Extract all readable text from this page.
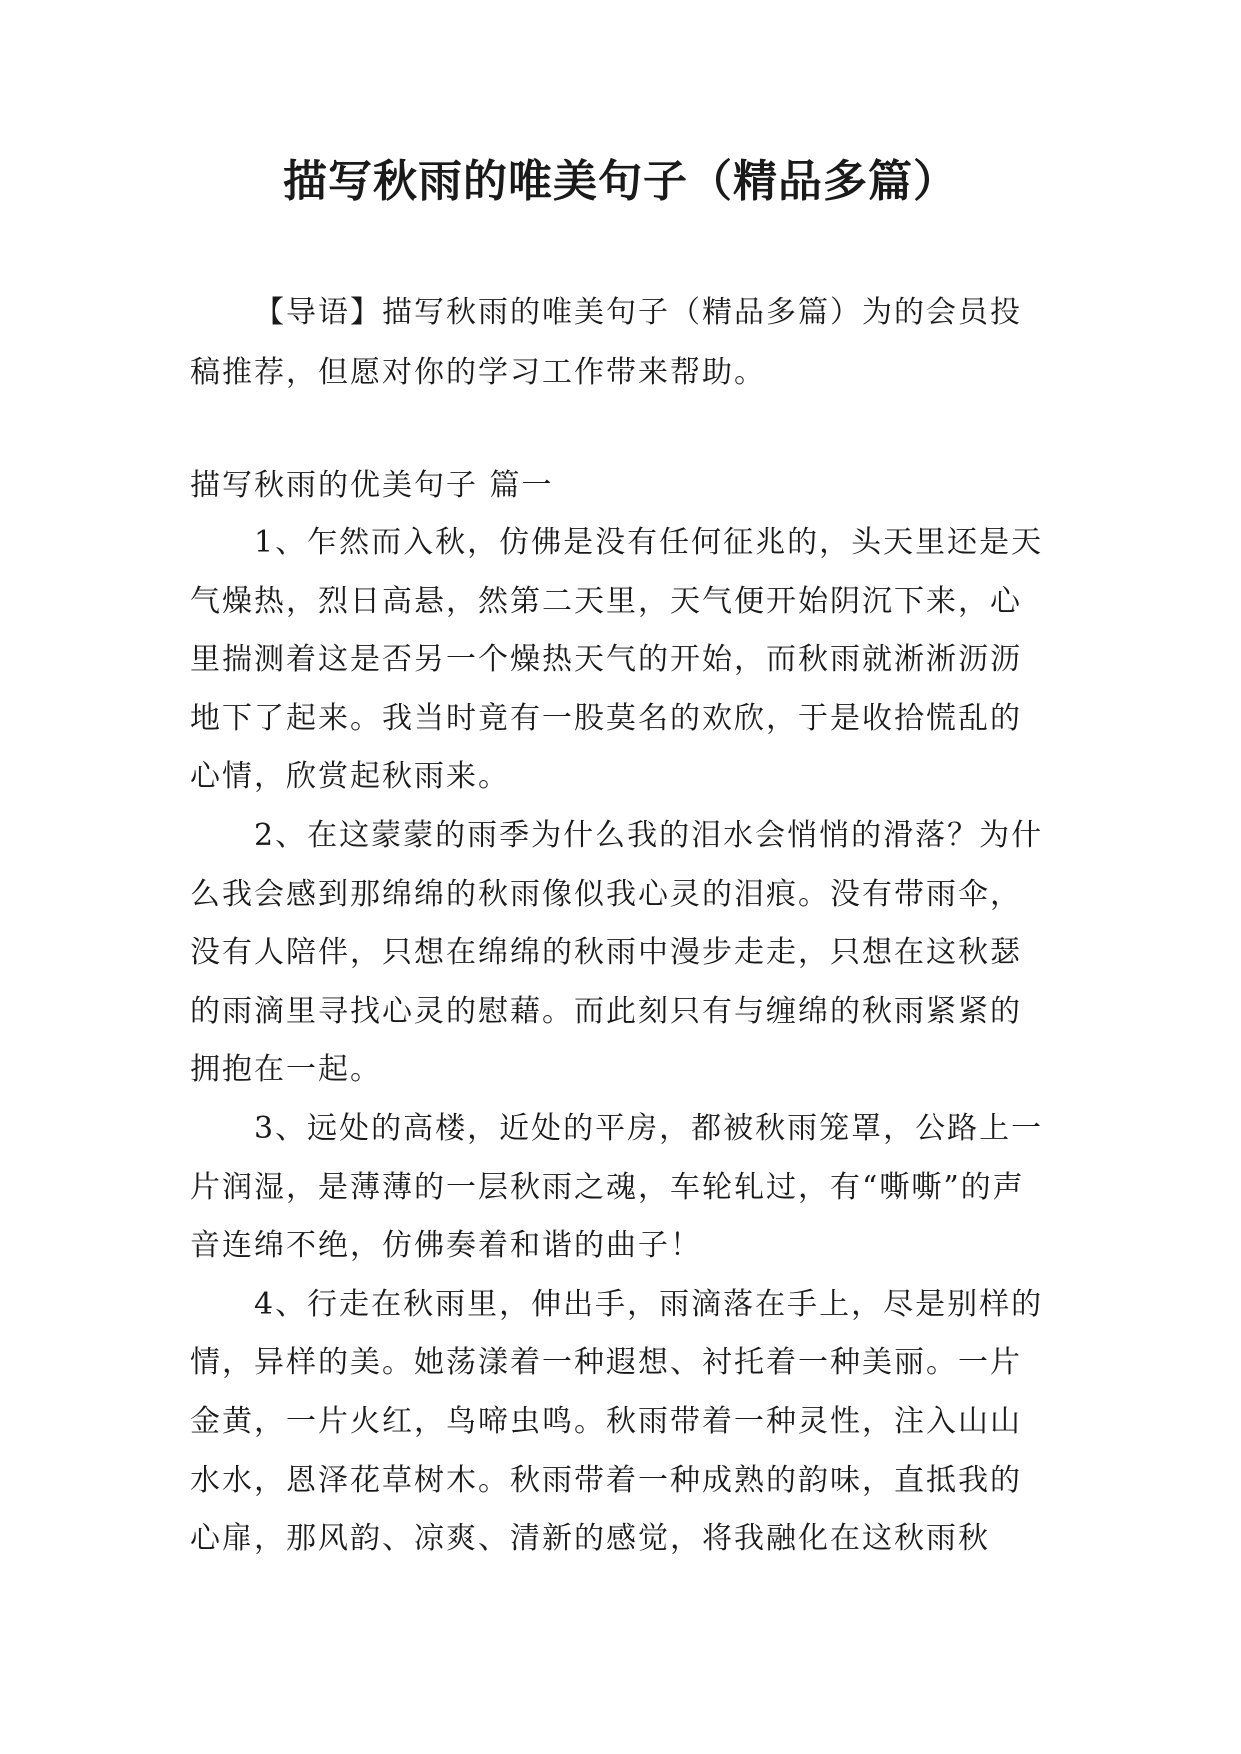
描写秋雨的唯美句子（精品多篇）

【导语】描写秋雨的唯美句子（精品多篇）为的会员投稿推荐，但愿对你的学习工作带来帮助。

描写秋雨的优美句子 篇一

1、乍然而入秋，仿佛是没有任何征兆的，头天里还是天气燥热，烈日高悬，然第二天里，天气便开始阴沉下来，心里揣测着这是否另一个燥热天气的开始，而秋雨就淅淅沥沥地下了起来。我当时竟有一股莫名的欢欣，于是收拾慌乱的心情，欣赏起秋雨来。

2、在这蒙蒙的雨季为什么我的泪水会悄悄的滑落？为什么我会感到那绵绵的秋雨像似我心灵的泪痕。没有带雨伞，没有人陪伴，只想在绵绵的秋雨中漫步走走，只想在这秋瑟的雨滴里寻找心灵的慰藉。而此刻只有与缠绵的秋雨紧紧的拥抱在一起。

3、远处的高楼，近处的平房，都被秋雨笼罩，公路上一片润湿，是薄薄的一层秋雨之魂，车轮轧过，有“嘶嘶”的声音连绵不绝，仿佛奏着和谐的曲子！

4、行走在秋雨里，伸出手，雨滴落在手上，尽是别样的情，异样的美。她荡漾着一种遐想、衬托着一种美丽。一片金黄，一片火红，鸟啼虫鸣。秋雨带着一种灵性，注入山山水水，恩泽花草树木。秋雨带着一种成熟的韵味，直抵我的心扉，那风韵、凉爽、清新的感觉，将我融化在这秋雨秋
